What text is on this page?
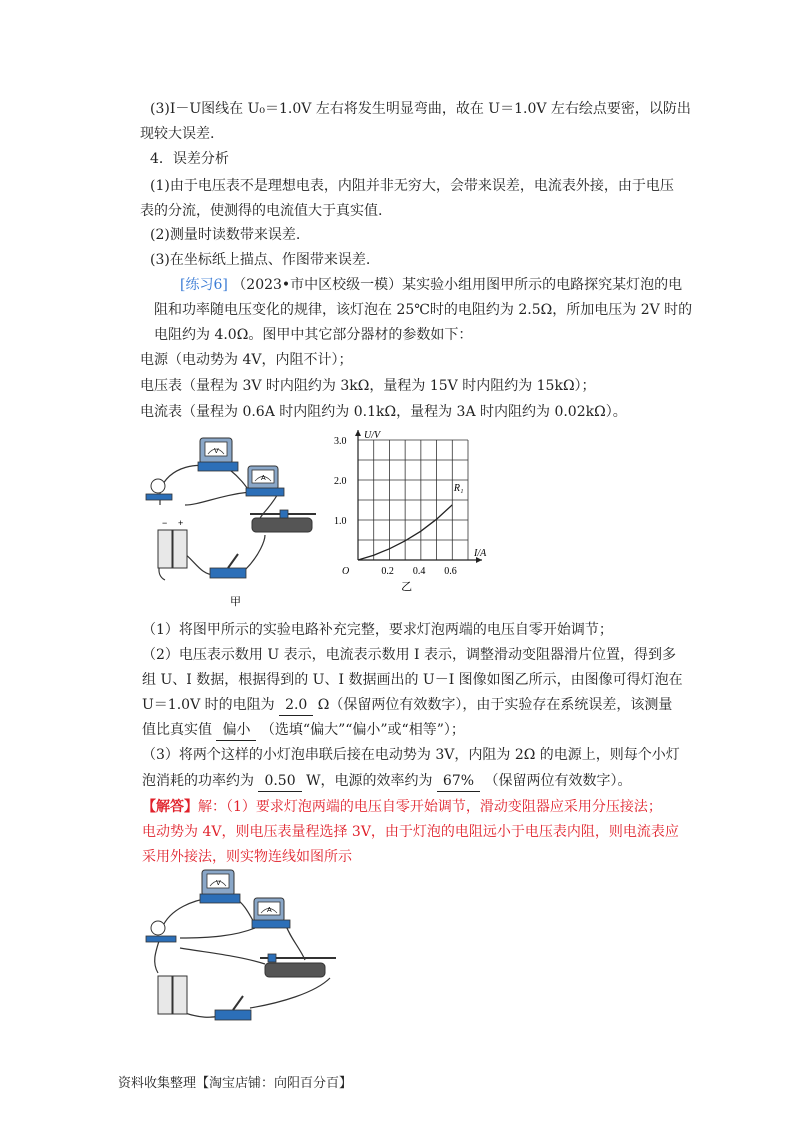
(3)I－U图线在 U₀＝1.0V 左右将发生明显弯曲，故在 U＝1.0V 左右绘点要密，以防出
现较大误差.
4．误差分析
(1)由于电压表不是理想电表，内阻并非无穷大，会带来误差，电流表外接，由于电压
表的分流，使测得的电流值大于真实值.
(2)测量时读数带来误差.
(3)在坐标纸上描点、作图带来误差.
[练习6] （2023•市中区校级一模）某实验小组用图甲所示的电路探究某灯泡的电
阻和功率随电压变化的规律，该灯泡在 25℃时的电阻约为 2.5Ω，所加电压为 2V 时的
电阻约为 4.0Ω。图甲中其它部分器材的参数如下：
电源（电动势为 4V，内阻不计）；
电压表（量程为 3V 时内阻约为 3kΩ，量程为 15V 时内阻约为 15kΩ）；
电流表（量程为 0.6A 时内阻约为 0.1kΩ，量程为 3A 时内阻约为 0.02kΩ）。
V
A
+
−
甲
0.2 0.4 0.6
1.0
2.0
3.0
O
U/V
I/A
R₁
乙
（1）将图甲所示的实验电路补充完整，要求灯泡两端的电压自零开始调节；
（2）电压表示数用 U 表示，电流表示数用 I 表示，调整滑动变阻器滑片位置，得到多
组 U、I 数据，根据得到的 U、I 数据画出的 U－I 图像如图乙所示，由图像可得灯泡在
U＝1.0V 时的电阻为 2.0 Ω（保留两位有效数字），由于实验存在系统误差，该测量
值比真实值 偏小 （选填“偏大”“偏小”或“相等”）；
（3）将两个这样的小灯泡串联后接在电动势为 3V，内阻为 2Ω 的电源上，则每个小灯
泡消耗的功率约为 0.50 W，电源的效率约为 67% （保留两位有效数字）。
【解答】解：（1）要求灯泡两端的电压自零开始调节，滑动变阻器应采用分压接法；
电动势为 4V，则电压表量程选择 3V，由于灯泡的电阻远小于电压表内阻，则电流表应
采用外接法，则实物连线如图所示
V
A
资料收集整理【淘宝店铺：向阳百分百】
